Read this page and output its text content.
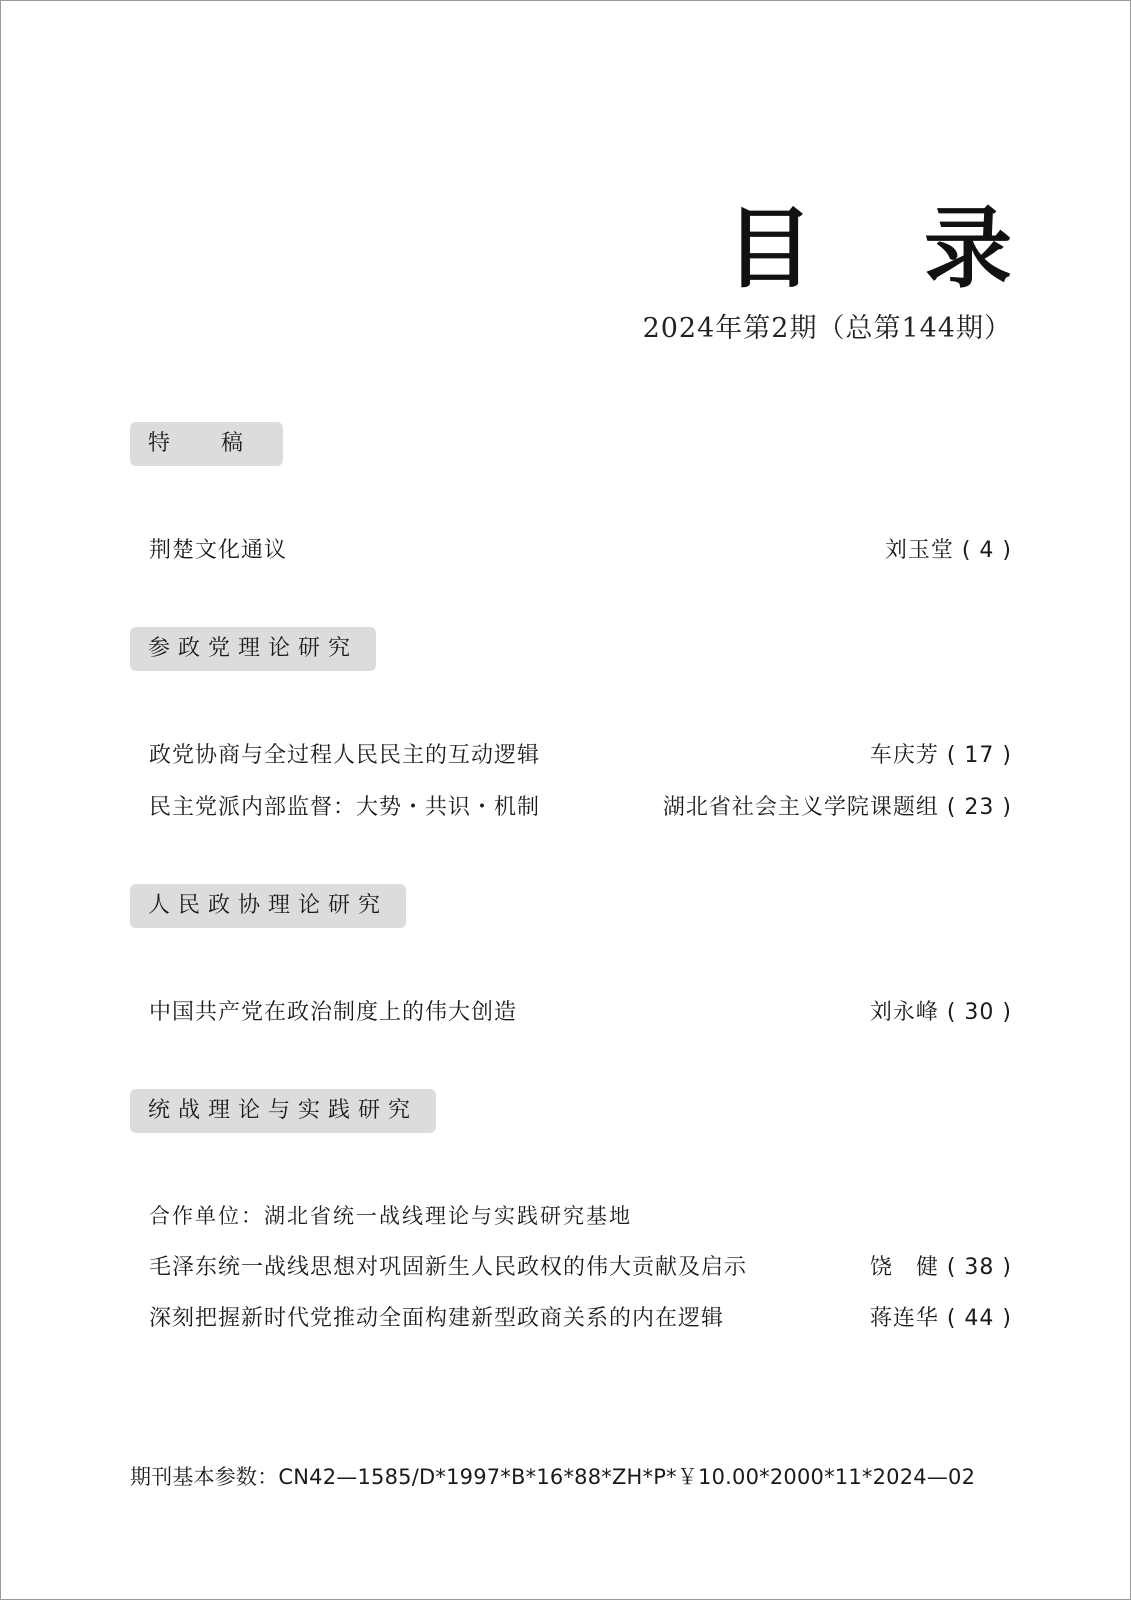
目 录
2024年第2期（总第144期）
特 稿
荆楚文化通议	刘玉堂 ( 4 )
参政党理论研究
政党协商与全过程人民民主的互动逻辑	车庆芳 ( 17 )
民主党派内部监督：大势・共识・机制	湖北省社会主义学院课题组 ( 23 )
人民政协理论研究
中国共产党在政治制度上的伟大创造	刘永峰 ( 30 )
统战理论与实践研究
合作单位：湖北省统一战线理论与实践研究基地
毛泽东统一战线思想对巩固新生人民政权的伟大贡献及启示	饶　健 ( 38 )
深刻把握新时代党推动全面构建新型政商关系的内在逻辑	蒋连华 ( 44 )
期刊基本参数：CN42—1585/D*1997*B*16*88*ZH*P*￥10.00*2000*11*2024—02
